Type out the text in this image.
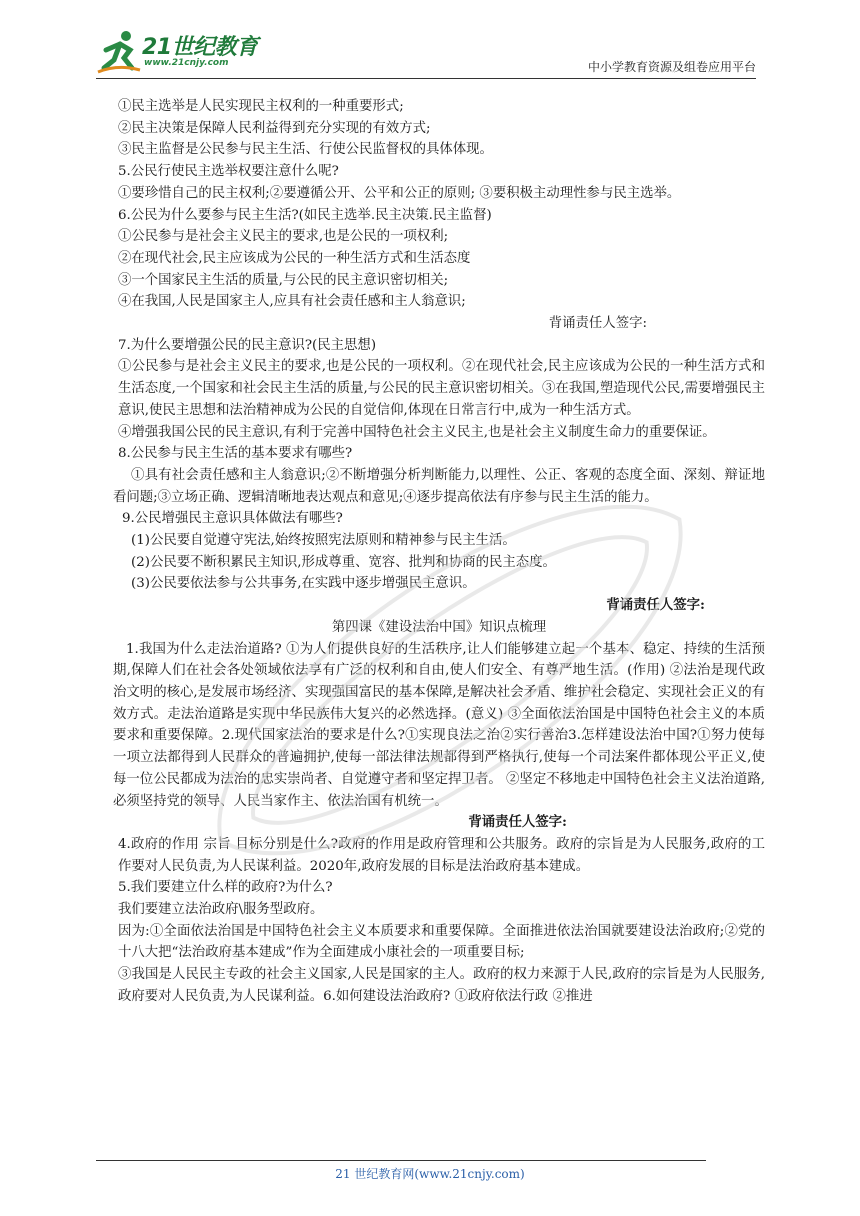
21世纪教育
www.21cnjy.com	中小学教育资源及组卷应用平台

①民主选举是人民实现民主权利的一种重要形式;

②民主决策是保障人民利益得到充分实现的有效方式;

③民主监督是公民参与民主生活、行使公民监督权的具体体现。

5.公民行使民主选举权要注意什么呢?

①要珍惜自己的民主权利;②要遵循公开、公平和公正的原则; ③要积极主动理性参与民主选举。

6.公民为什么要参与民主生活?(如民主选举.民主决策.民主监督)

①公民参与是社会主义民主的要求,也是公民的一项权利;

②在现代社会,民主应该成为公民的一种生活方式和生活态度

③一个国家民主生活的质量,与公民的民主意识密切相关;

④在我国,人民是国家主人,应具有社会责任感和主人翁意识;

背诵责任人签字:

7.为什么要增强公民的民主意识?(民主思想)

①公民参与是社会主义民主的要求,也是公民的一项权利。②在现代社会,民主应该成为公民的一种生活方式和生活态度,一个国家和社会民主生活的质量,与公民的民主意识密切相关。③在我国,塑造现代公民,需要增强民主意识,使民主思想和法治精神成为公民的自觉信仰,体现在日常言行中,成为一种生活方式。

④增强我国公民的民主意识,有利于完善中国特色社会主义民主,也是社会主义制度生命力的重要保证。

8.公民参与民主生活的基本要求有哪些?

①具有社会责任感和主人翁意识;②不断增强分析判断能力,以理性、公正、客观的态度全面、深刻、辩证地看问题;③立场正确、逻辑清晰地表达观点和意见;④逐步提高依法有序参与民主生活的能力。

9.公民增强民主意识具体做法有哪些?

(1)公民要自觉遵守宪法,始终按照宪法原则和精神参与民主生活。

(2)公民要不断积累民主知识,形成尊重、宽容、批判和协商的民主态度。

(3)公民要依法参与公共事务,在实践中逐步增强民主意识。

背诵责任人签字:

第四课《建设法治中国》知识点梳理

1.我国为什么走法治道路? ①为人们提供良好的生活秩序,让人们能够建立起一个基本、稳定、持续的生活预期,保障人们在社会各处领域依法享有广泛的权利和自由,使人们安全、有尊严地生活。(作用) ②法治是现代政治文明的核心,是发展市场经济、实现强国富民的基本保障,是解决社会矛盾、维护社会稳定、实现社会正义的有效方式。走法治道路是实现中华民族伟大复兴的必然选择。(意义) ③全面依法治国是中国特色社会主义的本质要求和重要保障。2.现代国家法治的要求是什么?①实现良法之治②实行善治3.怎样建设法治中国?①努力使每一项立法都得到人民群众的普遍拥护,使每一部法律法规都得到严格执行,使每一个司法案件都体现公平正义,使每一位公民都成为法治的忠实崇尚者、自觉遵守者和坚定捍卫者。 ②坚定不移地走中国特色社会主义法治道路,必须坚持党的领导、人民当家作主、依法治国有机统一。

背诵责任人签字:

4.政府的作用 宗旨 目标分别是什么?政府的作用是政府管理和公共服务。政府的宗旨是为人民服务,政府的工作要对人民负责,为人民谋利益。2020年,政府发展的目标是法治政府基本建成。

5.我们要建立什么样的政府?为什么?

我们要建立法治政府\服务型政府。

因为:①全面依法治国是中国特色社会主义本质要求和重要保障。全面推进依法治国就要建设法治政府;②党的十八大把“法治政府基本建成”作为全面建成小康社会的一项重要目标;

③我国是人民民主专政的社会主义国家,人民是国家的主人。政府的权力来源于人民,政府的宗旨是为人民服务,政府要对人民负责,为人民谋利益。6.如何建设法治政府? ①政府依法行政 ②推进

21 世纪教育网(www.21cnjy.com)
